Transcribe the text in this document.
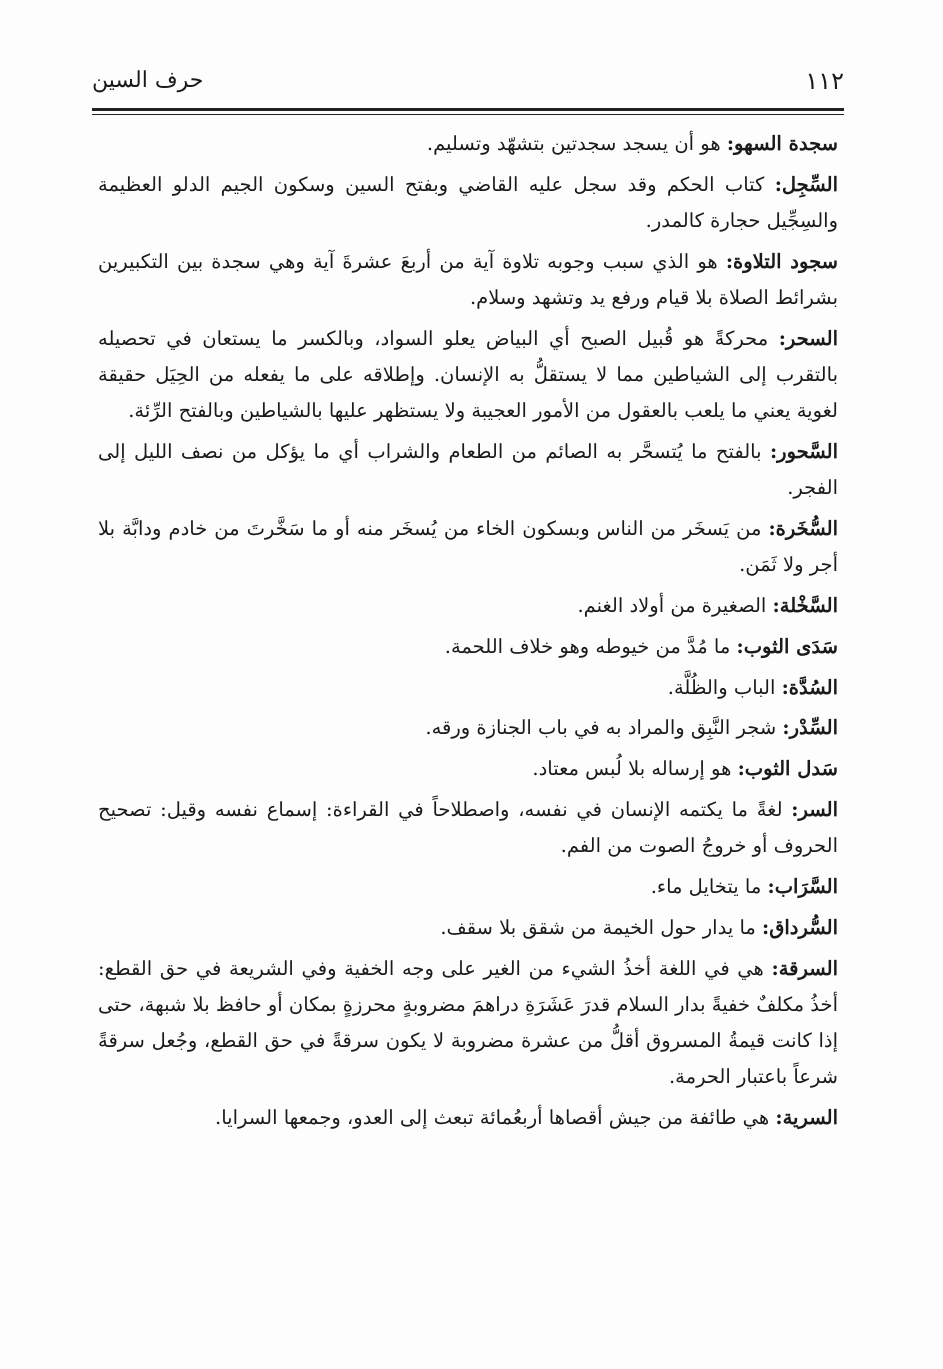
١١٢
حرف السين

سجدة السهو: هو أن يسجد سجدتين بتشهّد وتسليم.

السِّجِل: كتاب الحكم وقد سجل عليه القاضي وبفتح السين وسكون الجيم الدلو العظيمة والسِجِّيل حجارة كالمدر.

سجود التلاوة: هو الذي سبب وجوبه تلاوة آية من أربعَ عشرةَ آية وهي سجدة بين التكبيرين بشرائط الصلاة بلا قيام ورفع يد وتشهد وسلام.

السحر: محركةً هو قُبيل الصبح أي البياض يعلو السواد، وبالكسر ما يستعان في تحصيله بالتقرب إلى الشياطين مما لا يستقلُّ به الإنسان. وإطلاقه على ما يفعله من الحِيَل حقيقة لغوية يعني ما يلعب بالعقول من الأمور العجيبة ولا يستظهر عليها بالشياطين وبالفتح الرِّئة.

السَّحور: بالفتح ما يُتسحَّر به الصائم من الطعام والشراب أي ما يؤكل من نصف الليل إلى الفجر.

السُّخَرة: من يَسخَر من الناس وبسكون الخاء من يُسخَر منه أو ما سَخَّرتَ من خادم ودابَّة بلا أجر ولا ثَمَن.

السَّخْلة: الصغيرة من أولاد الغنم.

سَدَى الثوب: ما مُدَّ من خيوطه وهو خلاف اللحمة.

السُدَّة: الباب والظُلَّة.

السِّدْر: شجر النَّبِق والمراد به في باب الجنازة ورقه.

سَدل الثوب: هو إرساله بلا لُبس معتاد.

السر: لغةً ما يكتمه الإنسان في نفسه، واصطلاحاً في القراءة: إسماع نفسه وقيل: تصحيح الحروف أو خروجُ الصوت من الفم.

السَّرَاب: ما يتخايل ماء.

السُّرداق: ما يدار حول الخيمة من شقق بلا سقف.

السرقة: هي في اللغة أخذُ الشيء من الغير على وجه الخفية وفي الشريعة في حق القطع: أخذُ مكلفٌ خفيةً بدار السلام قدرَ عَشَرَةِ دراهمَ مضروبةٍ محرزةٍ بمكان أو حافظ بلا شبهة، حتى إذا كانت قيمةُ المسروق أقلُّ من عشرة مضروبة لا يكون سرقةً في حق القطع، وجُعل سرقةً شرعاً باعتبار الحرمة.

السرية: هي طائفة من جيش أقصاها أربعُمائة تبعث إلى العدو، وجمعها السرايا.
